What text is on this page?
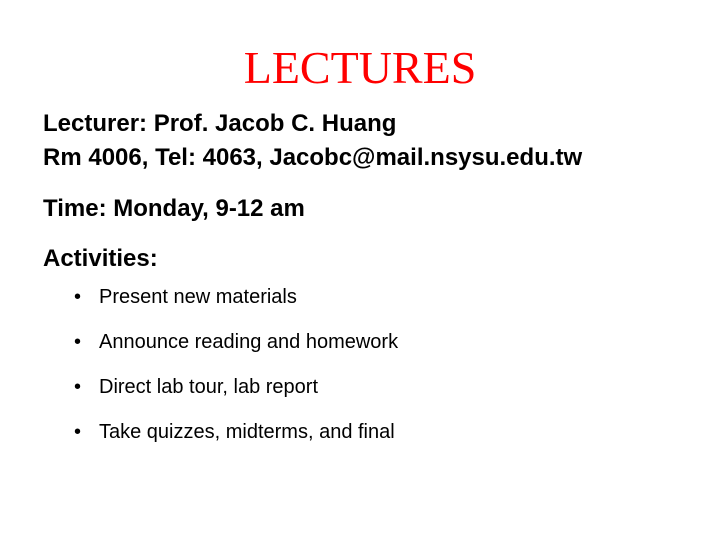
LECTURES
Lecturer: Prof. Jacob C. Huang
Rm 4006, Tel: 4063, Jacobc@mail.nsysu.edu.tw
Time: Monday, 9-12 am
Activities:
• Present new materials
• Announce reading and homework
• Direct lab tour, lab report
• Take quizzes, midterms, and final
